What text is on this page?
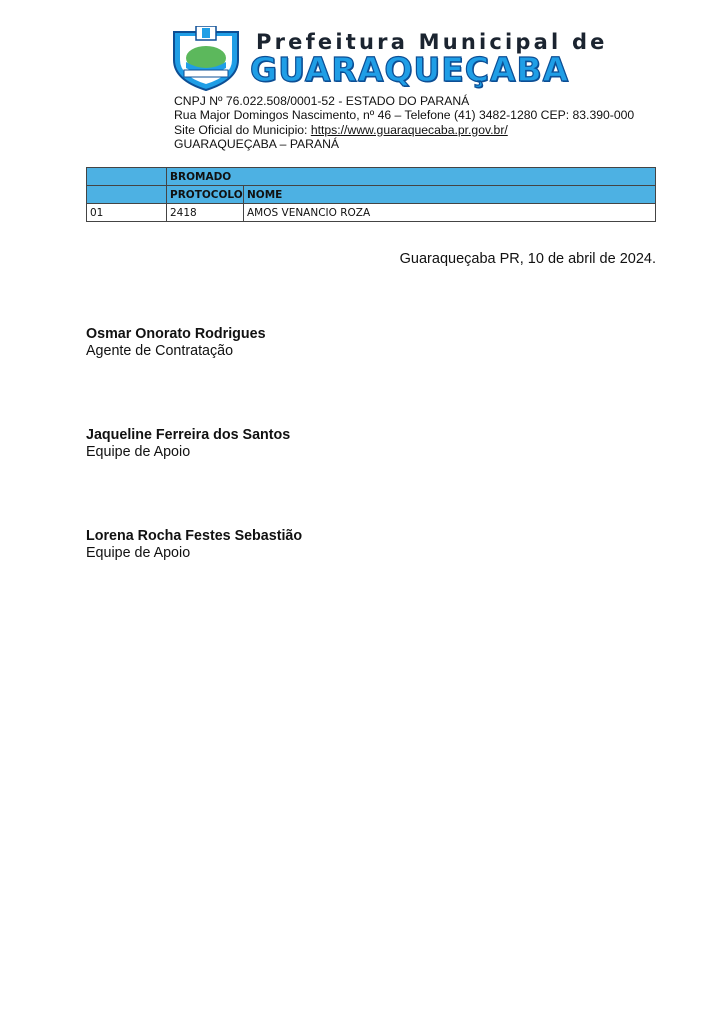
Prefeitura Municipal de
GUARAQUEÇABA
CNPJ Nº 76.022.508/0001-52 - ESTADO DO PARANÁ
Rua Major Domingos Nascimento, nº 46 – Telefone (41) 3482-1280 CEP: 83.390-000
Site Oficial do Municipio: https://www.guaraquecaba.pr.gov.br/
GUARAQUEÇABA – PARANÁ
	BROMADO	
	PROTOCOLO	NOME
01	2418	AMOS VENANCIO ROZA
Guaraqueçaba PR, 10 de abril de 2024.
Osmar Onorato Rodrigues
Agente de Contratação
Jaqueline Ferreira dos Santos
Equipe de Apoio
Lorena Rocha Festes Sebastião
Equipe de Apoio
